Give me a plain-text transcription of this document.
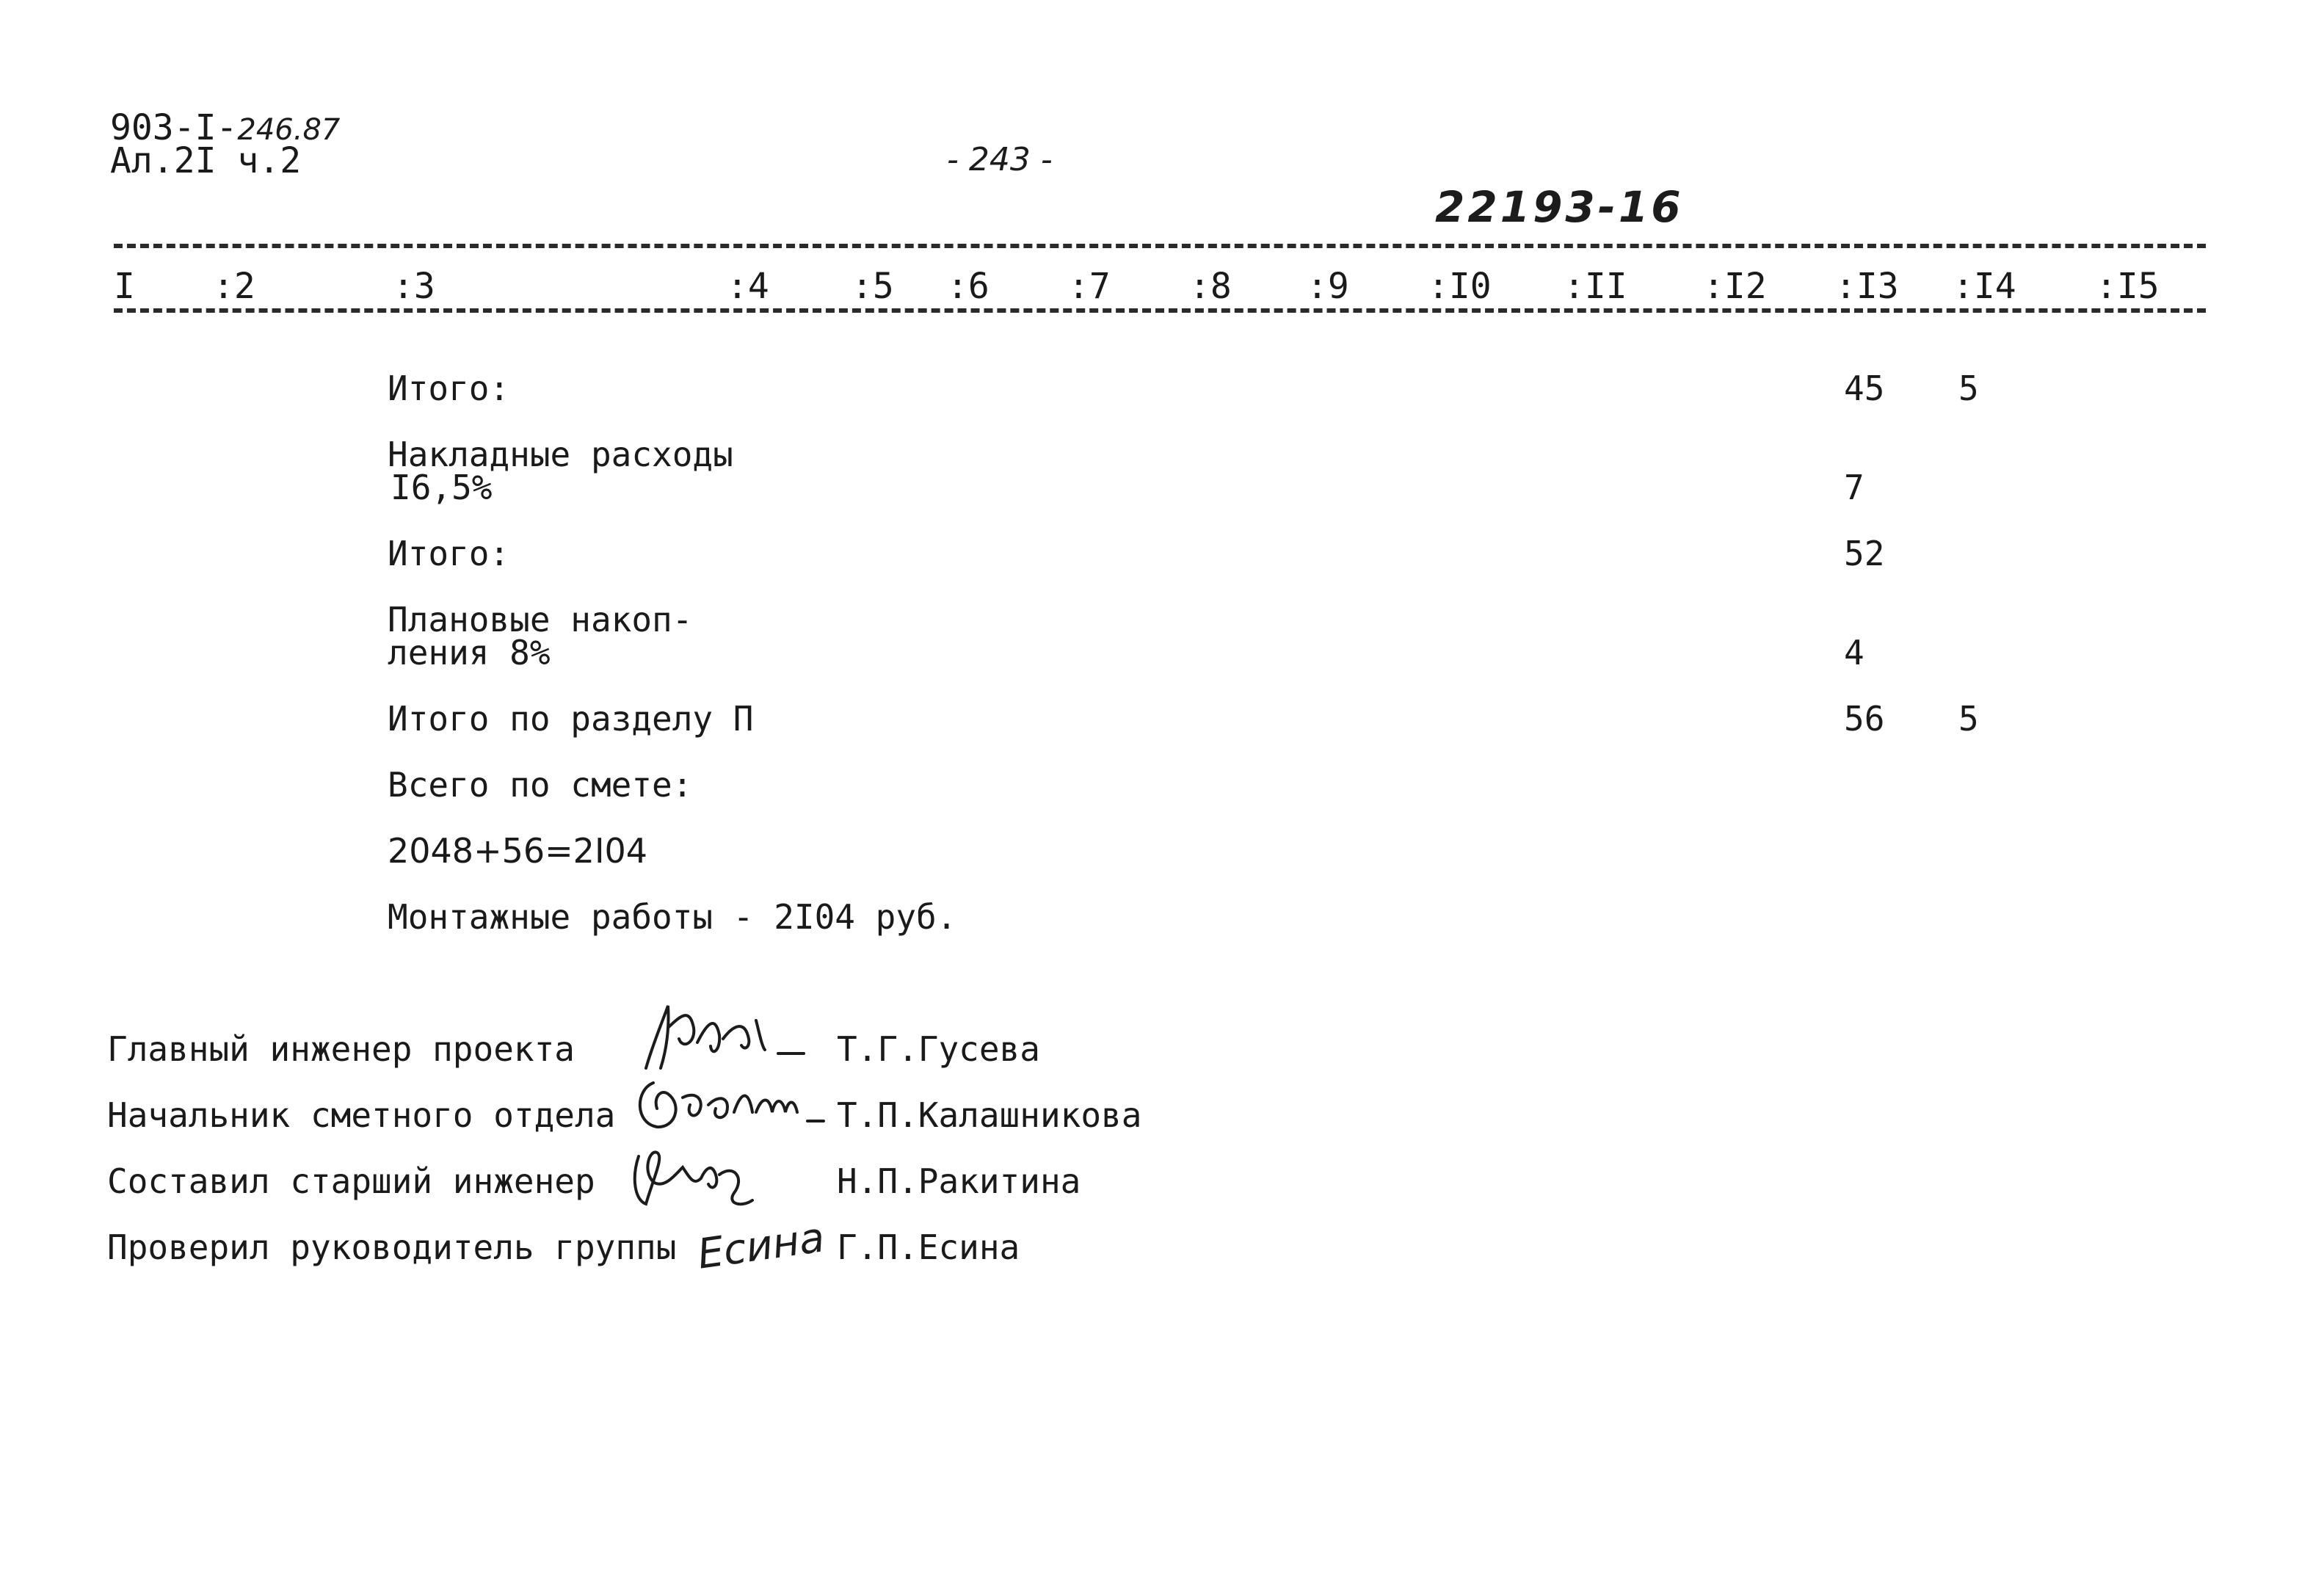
903-I-246.87
Ал.2I ч.2	- 243 -
22193-16
I :2	:3	:4 :5 :6 :7 :8 :9 :I0 :II :I2 :I3 :I4 :I5
Итого:	45 5
Накладные расходы
I6,5%	7
Итого:	52
Плановые накоп-
ления 8%	4
Итого по разделу П	56 5
Всего по смете:
2048+56=2I04
Монтажные работы - 2I04 руб.
Главный инженер проекта	Т.Г.Гусева
Начальник сметного отдела	Т.П.Калашникова
Составил старший инженер	Н.П.Ракитина
Проверил руководитель группы Есина Г.П.Есина
